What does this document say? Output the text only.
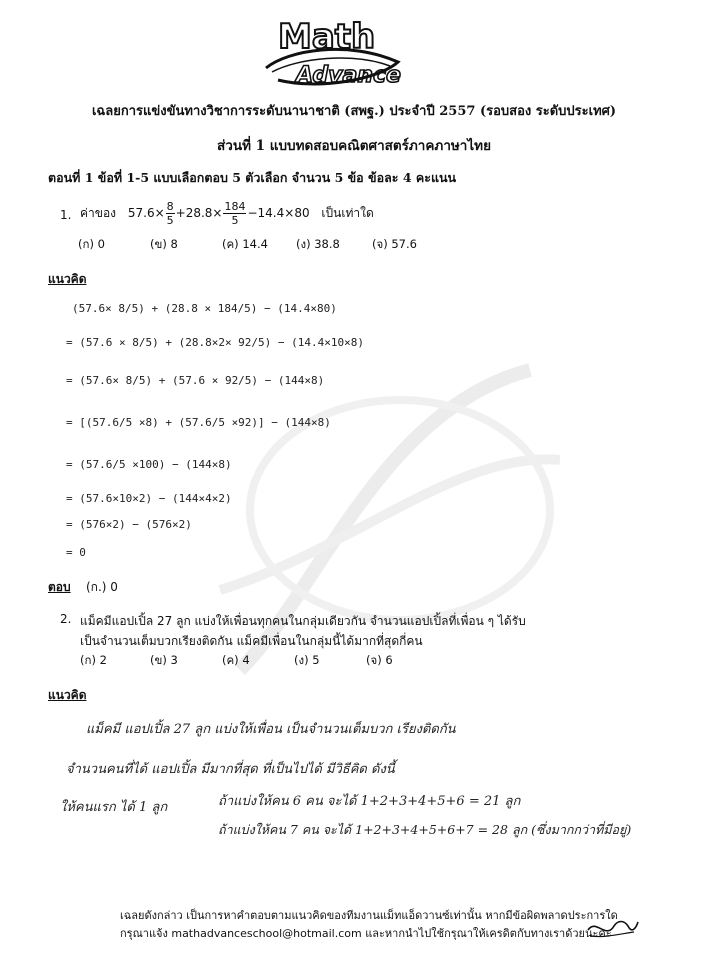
Math
Advance
เฉลยการแข่งขันทางวิชาการระดับนานาชาติ (สพฐ.) ประจำปี 2557 (รอบสอง ระดับประเทศ)
ส่วนที่ 1 แบบทดสอบคณิตศาสตร์ภาคภาษาไทย
ตอนที่ 1 ข้อที่ 1-5 แบบเลือกตอบ 5 ตัวเลือก จำนวน 5 ข้อ ข้อละ 4 คะแนน
1. ค่าของ $57.6\times \frac{8}{5} +28.8\times \frac{184}{5} -14.4\times 80$ เป็นเท่าใด
(ก) 0	(ข) 8	(ค) 14.4 (ง) 38.8	(จ) 57.6
แนวคิด
(57.6× 8/5) + (28.8 × 184/5) − (14.4×80)
= (57.6 × 8/5) + (28.8×2× 92/5) − (14.4×10×8)
= (57.6× 8/5) + (57.6 × 92/5) − (144×8)
= [(57.6/5 ×8) + (57.6/5 ×92)] − (144×8)
= (57.6/5 ×100) − (144×8)
= (57.6×10×2) − (144×4×2)
= (576×2) − (576×2)
= 0
ตอบ (ก.) 0
2. แม็คมีแอปเปิ้ล 27 ลูก แบ่งให้เพื่อนทุกคนในกลุ่มเดียวกัน จำนวนแอปเปิ้ลที่เพื่อน ๆ ได้รับ
เป็นจำนวนเต็มบวกเรียงติดกัน แม็คมีเพื่อนในกลุ่มนี้ได้มากที่สุดกี่คน
(ก) 2	(ข) 3	(ค) 4	(ง) 5	(จ) 6
แนวคิด
แม็คมี แอปเปิ้ล 27 ลูก แบ่งให้เพื่อน เป็นจำนวนเต็มบวก เรียงติดกัน
จำนวนคนที่ได้ แอปเปิ้ล มีมากที่สุด ที่เป็นไปได้ มีวิธีคิด ดังนี้
ให้คนแรก ได้ 1 ลูก	ถ้าแบ่งให้คน 6 คน จะได้ 1+2+3+4+5+6 = 21 ลูก
ถ้าแบ่งให้คน 7 คน จะได้ 1+2+3+4+5+6+7 = 28 ลูก (ซึ่งมากกว่าที่มีอยู่)
เฉลยดังกล่าว เป็นการหาคำตอบตามแนวคิดของทีมงานแม็ทแอ็ดวานซ์เท่านั้น หากมีข้อผิดพลาดประการใด
กรุณาแจ้ง mathadvanceschool@hotmail.com และหากนำไปใช้กรุณาให้เครดิตกับทางเราด้วยนะคะ
